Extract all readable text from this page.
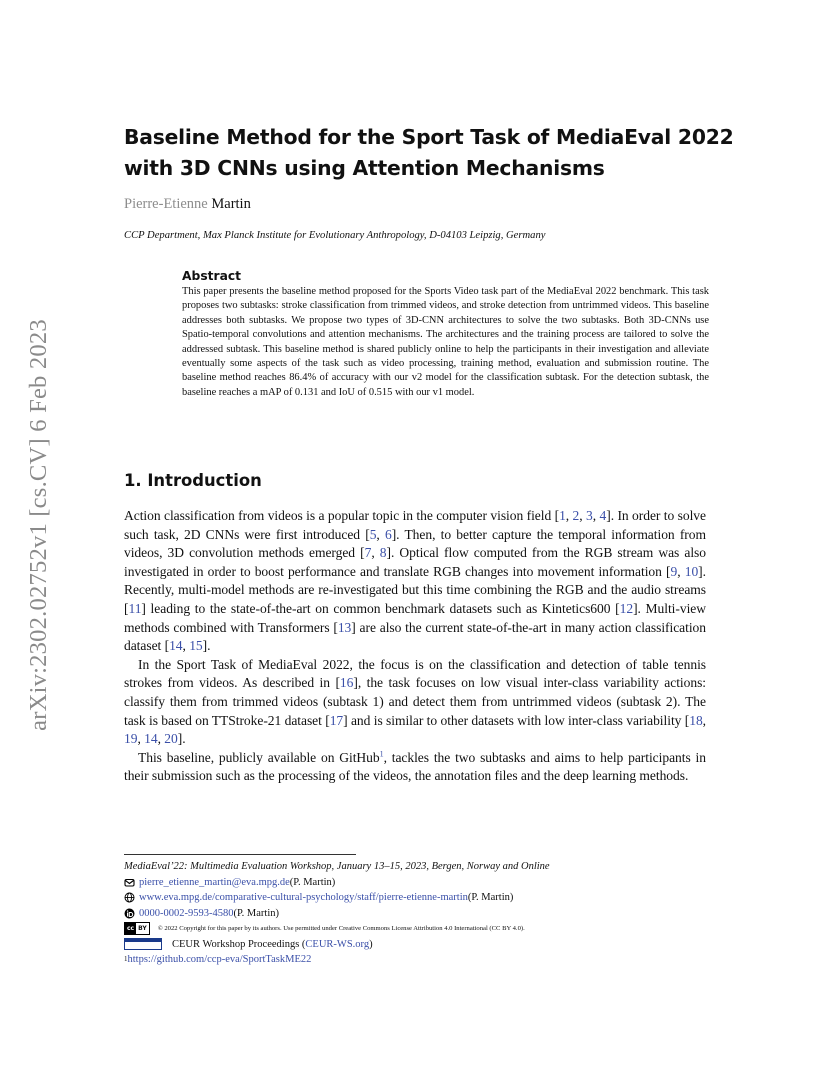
arXiv:2302.02752v1 [cs.CV] 6 Feb 2023
Baseline Method for the Sport Task of MediaEval 2022
with 3D CNNs using Attention Mechanisms
Pierre-Etienne Martin
CCP Department, Max Planck Institute for Evolutionary Anthropology, D-04103 Leipzig, Germany
Abstract

This paper presents the baseline method proposed for the Sports Video task part of the MediaEval 2022 benchmark. This task proposes two subtasks: stroke classification from trimmed videos, and stroke detection from untrimmed videos. This baseline addresses both subtasks. We propose two types of 3D-CNN architectures to solve the two subtasks. Both 3D-CNNs use Spatio-temporal convolutions and attention mechanisms. The architectures and the training process are tailored to solve the addressed subtask. This baseline method is shared publicly online to help the participants in their investigation and alleviate eventually some aspects of the task such as video processing, training method, evaluation and submission routine. The baseline method reaches 86.4% of accuracy with our v2 model for the classification subtask. For the detection subtask, the baseline reaches a mAP of 0.131 and IoU of 0.515 with our v1 model.

1. Introduction

Action classification from videos is a popular topic in the computer vision field [1, 2, 3, 4]. In order to solve such task, 2D CNNs were first introduced [5, 6]. Then, to better capture the temporal information from videos, 3D convolution methods emerged [7, 8]. Optical flow computed from the RGB stream was also investigated in order to boost performance and translate RGB changes into movement information [9, 10]. Recently, multi-model methods are re-investigated but this time combining the RGB and the audio streams [11] leading to the state-of-the-art on common benchmark datasets such as Kintetics600 [12]. Multi-view methods combined with Transformers [13] are also the current state-of-the-art in many action classification dataset [14, 15].

In the Sport Task of MediaEval 2022, the focus is on the classification and detection of table tennis strokes from videos. As described in [16], the task focuses on low visual inter-class variability actions: classify them from trimmed videos (subtask 1) and detect them from untrimmed videos (subtask 2). The task is based on TTStroke-21 dataset [17] and is similar to other datasets with low inter-class variability [18, 19, 14, 20].

This baseline, publicly available on GitHub$^1$, tackles the two subtasks and aims to help participants in their submission such as the processing of the videos, the annotation files and the deep learning methods.

MediaEval’22: Multimedia Evaluation Workshop, January 13–15, 2023, Bergen, Norway and Online
pierre_etienne_martin@eva.mpg.de (P. Martin)
www.eva.mpg.de/comparative-cultural-psychology/staff/pierre-etienne-martin (P. Martin)
0000-0002-9593-4580 (P. Martin)
cc BY	© 2022 Copyright for this paper by its authors. Use permitted under Creative Commons License Attribution 4.0 International (CC BY 4.0).
CEUR Workshop Proceedings ( CEUR-WS.org )
1 https://github.com/ccp-eva/SportTaskME22
